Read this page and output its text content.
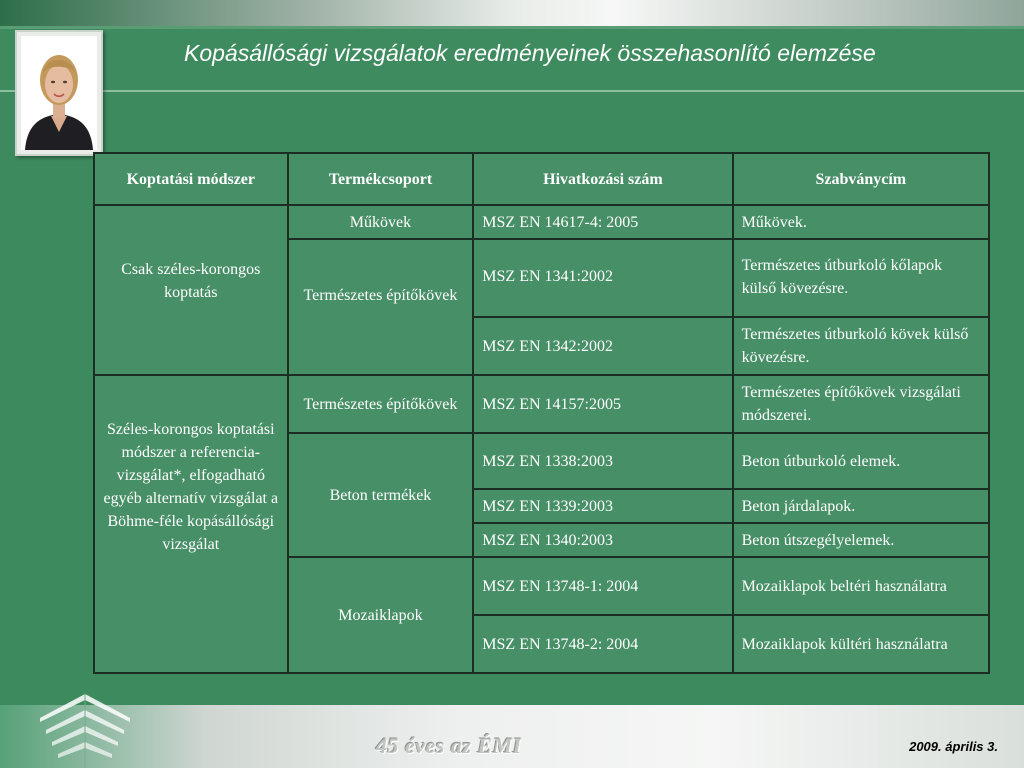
Kopásállósági vizsgálatok eredményeinek összehasonlító elemzése
Koptatási módszer	Termékcsoport	Hivatkozási szám	Szabványcím
Csak széles-korongos koptatás	Műkövek	MSZ EN 14617-4: 2005	Műkövek.
	Természetes építőkövek	MSZ EN 1341:2002	Természetes útburkoló kőlapok külső kövezésre.
		MSZ EN 1342:2002	Természetes útburkoló kövek külső kövezésre.
Széles-korongos koptatási módszer a referencia-vizsgálat*, elfogadható egyéb alternatív vizsgálat a Böhme-féle kopásállósági vizsgálat	Természetes építőkövek	MSZ EN 14157:2005	Természetes építőkövek vizsgálati módszerei.
	Beton termékek	MSZ EN 1338:2003	Beton útburkoló elemek.
		MSZ EN 1339:2003	Beton járdalapok.
		MSZ EN 1340:2003	Beton útszegélyelemek.
	Mozaiklapok	MSZ EN 13748-1: 2004	Mozaiklapok beltéri használatra
		MSZ EN 13748-2: 2004	Mozaiklapok kültéri használatra
45 éves az ÉMI	2009. április 3.
